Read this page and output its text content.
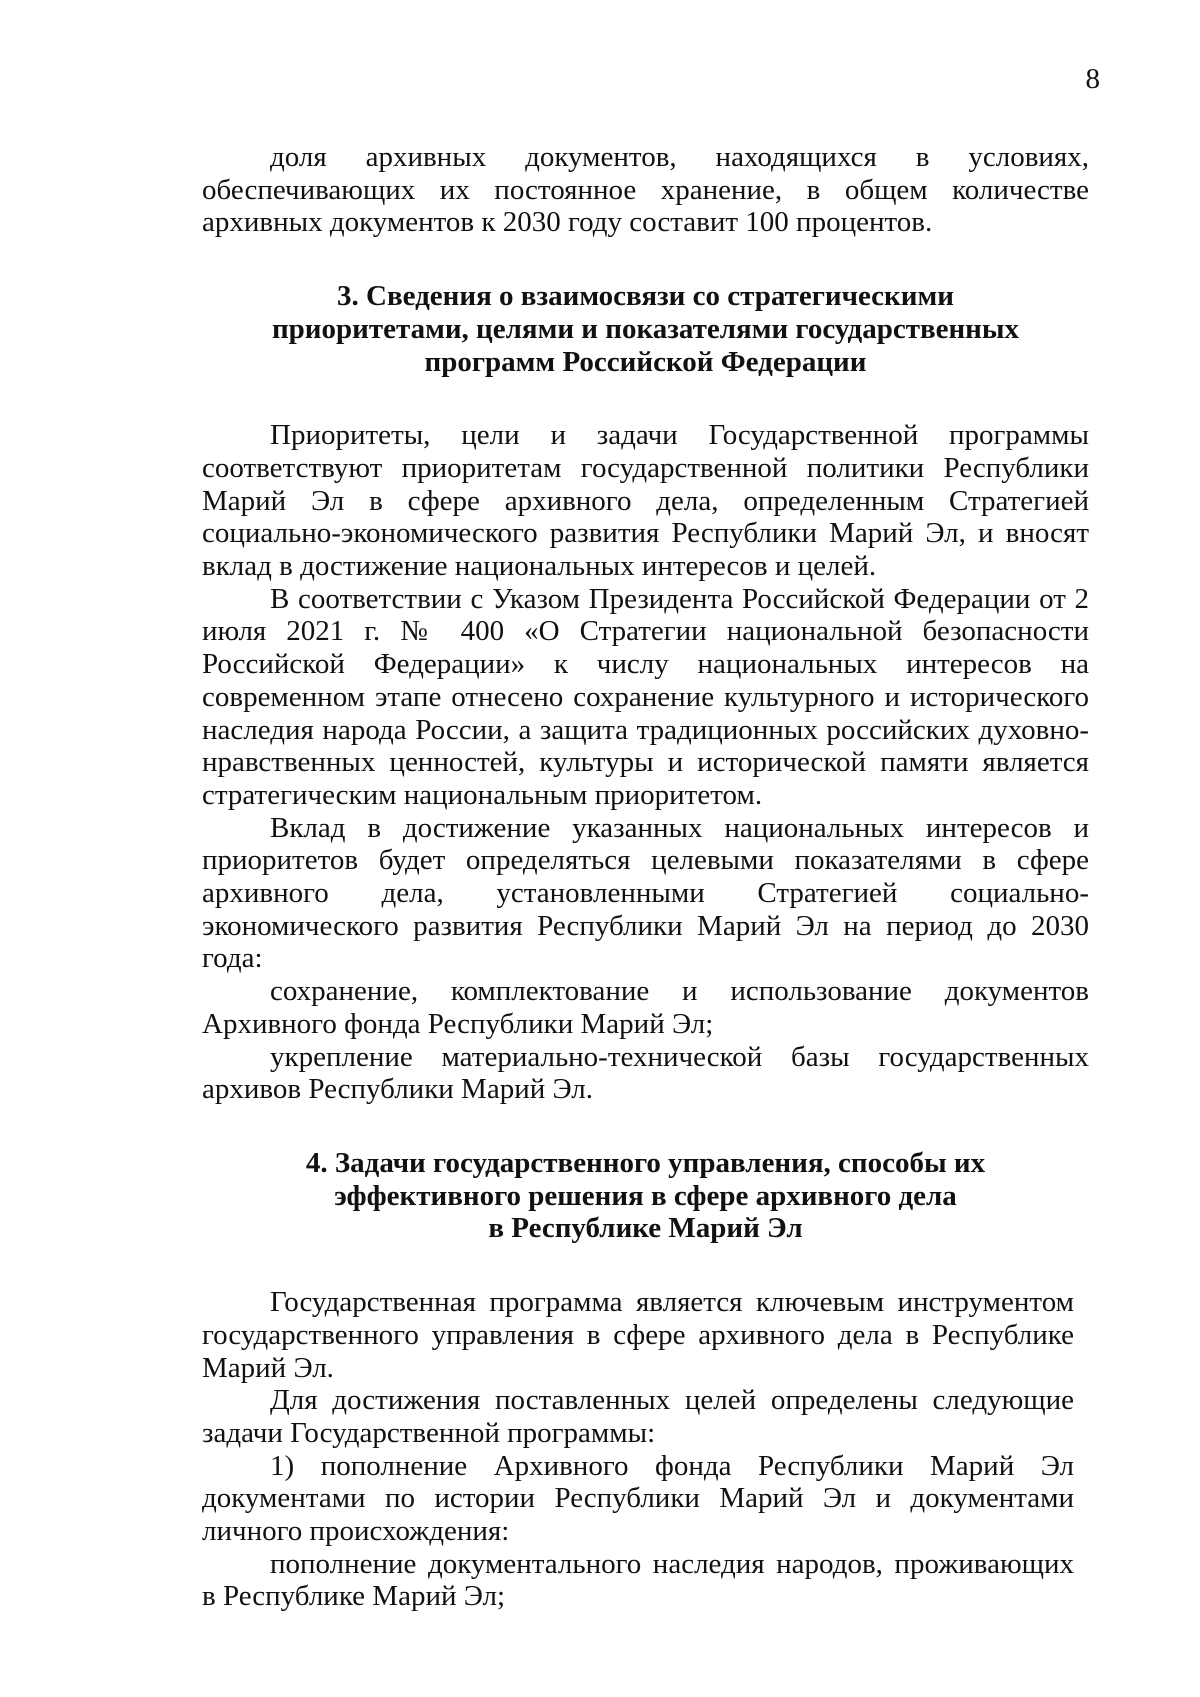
8

доля архивных документов, находящихся в условиях, обеспечивающих их постоянное хранение, в общем количестве архивных документов к 2030 году составит 100 процентов.

3. Сведения о взаимосвязи со стратегическими
приоритетами, целями и показателями государственных
программ Российской Федерации

Приоритеты, цели и задачи Государственной программы соответствуют приоритетам государственной политики Республики Марий Эл в сфере архивного дела, определенным Стратегией социально-экономического развития Республики Марий Эл, и вносят вклад в достижение национальных интересов и целей.

В соответствии с Указом Президента Российской Федерации от 2 июля 2021 г. № 400 «О Стратегии национальной безопасности Российской Федерации» к числу национальных интересов на современном этапе отнесено сохранение культурного и исторического наследия народа России, а защита традиционных российских духовно-нравственных ценностей, культуры и исторической памяти является стратегическим национальным приоритетом.

Вклад в достижение указанных национальных интересов и приоритетов будет определяться целевыми показателями в сфере архивного дела, установленными Стратегией социально-экономического развития Республики Марий Эл на период до 2030 года:

сохранение, комплектование и использование документов Архивного фонда Республики Марий Эл;

укрепление материально-технической базы государственных архивов Республики Марий Эл.

4. Задачи государственного управления, способы их
эффективного решения в сфере архивного дела
в Республике Марий Эл

Государственная программа является ключевым инструментом государственного управления в сфере архивного дела в Республике Марий Эл.

Для достижения поставленных целей определены следующие задачи Государственной программы:

1) пополнение Архивного фонда Республики Марий Эл документами по истории Республики Марий Эл и документами личного происхождения:

пополнение документального наследия народов, проживающих в Республике Марий Эл;
